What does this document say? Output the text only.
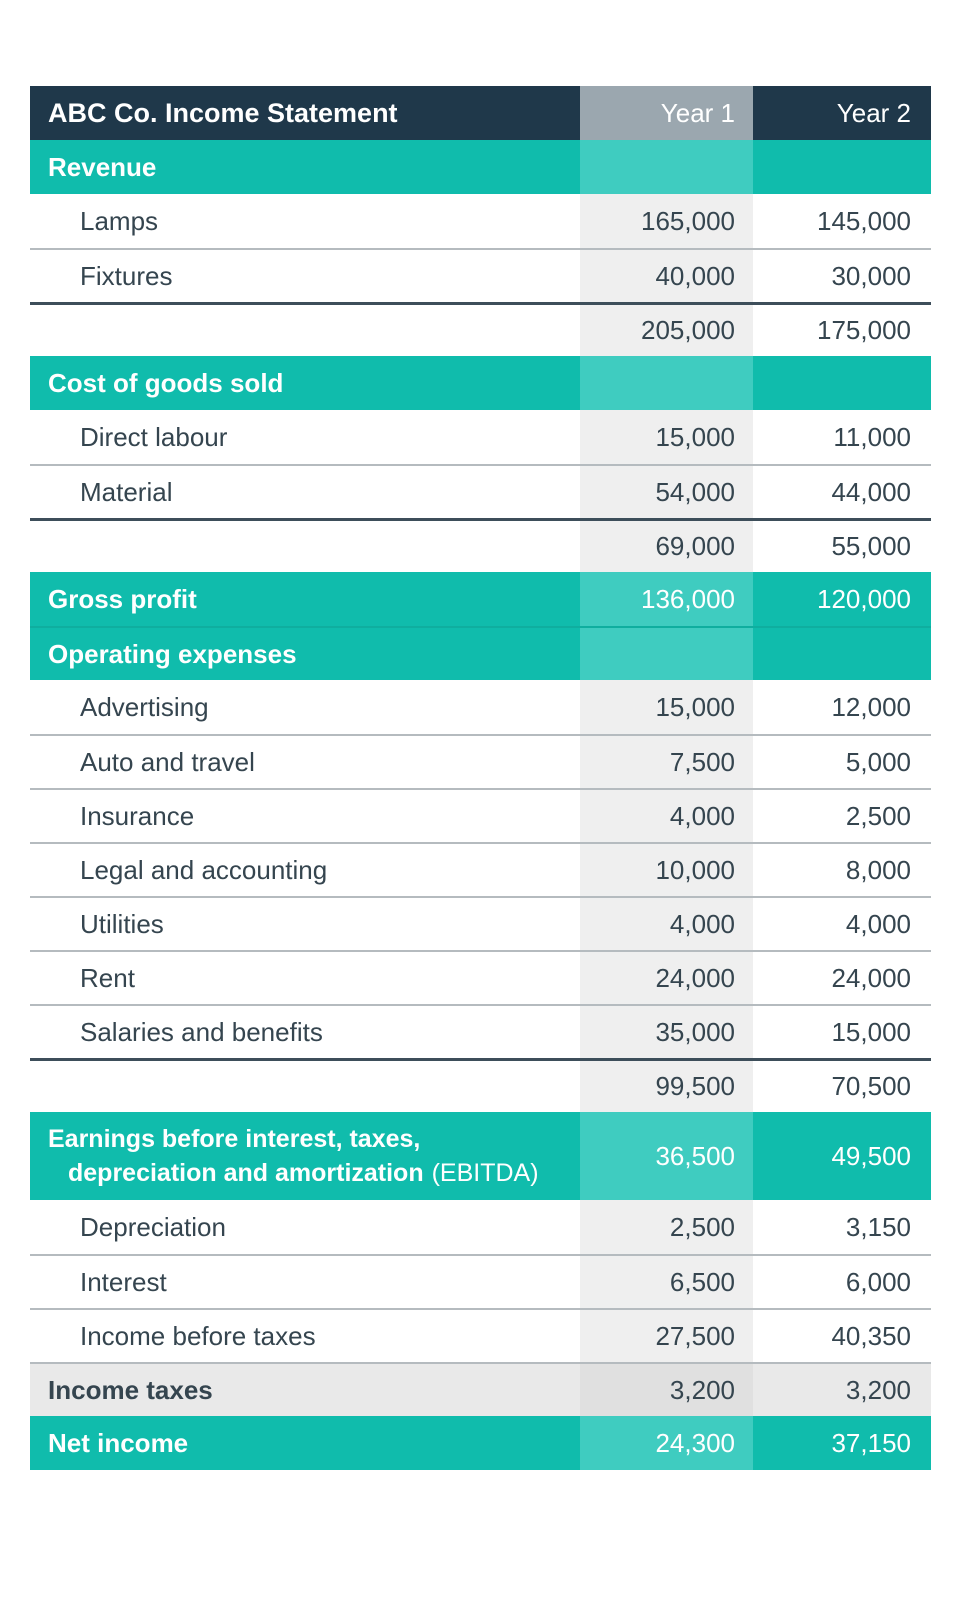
ABC Co. Income Statement	Year 1	Year 2
Revenue
Lamps	165,000	145,000
Fixtures	40,000	30,000
205,000	175,000
Cost of goods sold
Direct labour	15,000	11,000
Material	54,000	44,000
69,000	55,000
Gross profit	136,000	120,000
Operating expenses
Advertising	15,000	12,000
Auto and travel	7,500	5,000
Insurance	4,000	2,500
Legal and accounting	10,000	8,000
Utilities	4,000	4,000
Rent	24,000	24,000
Salaries and benefits	35,000	15,000
99,500	70,500
Earnings before interest, taxes,
depreciation and amortization (EBITDA)
36,500	49,500
Depreciation	2,500	3,150
Interest	6,500	6,000
Income before taxes	27,500	40,350
Income taxes	3,200	3,200
Net income	24,300	37,150
